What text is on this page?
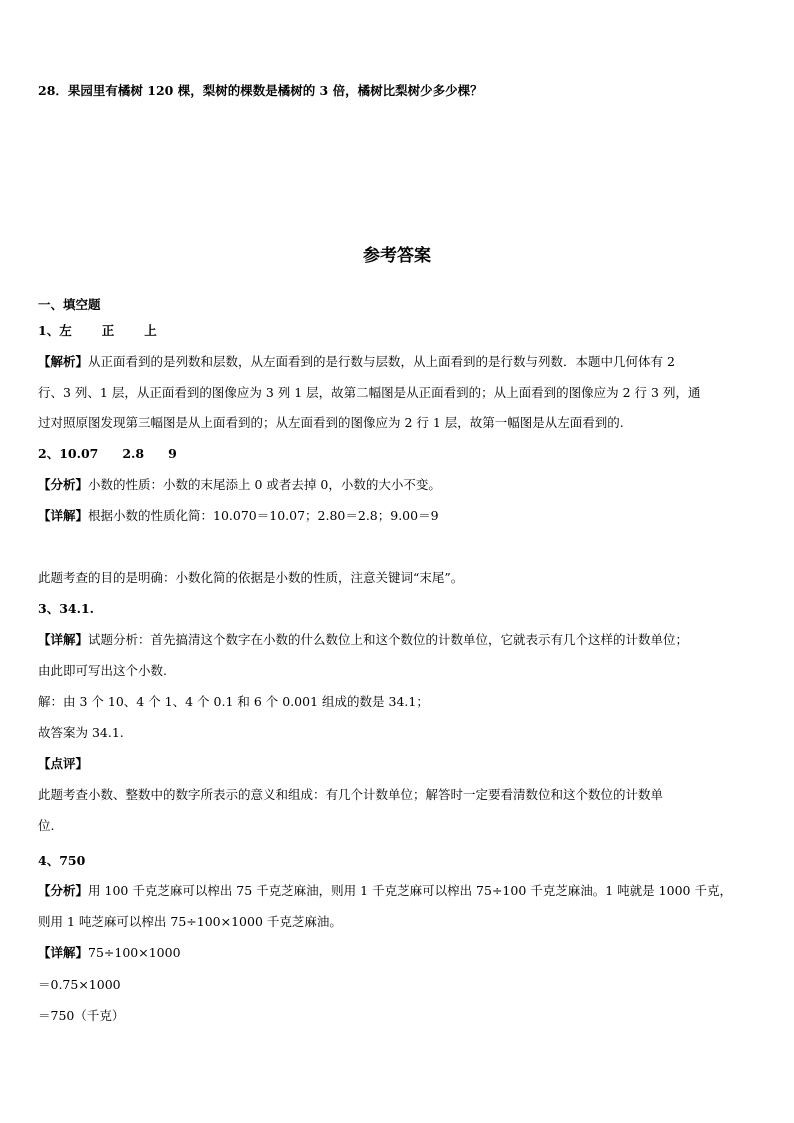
28．果园里有橘树 120 棵，梨树的棵数是橘树的 3 倍，橘树比梨树少多少棵？
参考答案
一、填空题
1、左 正 上
【解析】从正面看到的是列数和层数，从左面看到的是行数与层数，从上面看到的是行数与列数．本题中几何体有 2
行、3 列、1 层，从正面看到的图像应为 3 列 1 层，故第二幅图是从正面看到的；从上面看到的图像应为 2 行 3 列，通
过对照原图发现第三幅图是从上面看到的；从左面看到的图像应为 2 行 1 层，故第一幅图是从左面看到的.
2、10.07 2.8 9
【分析】小数的性质：小数的末尾添上 0 或者去掉 0，小数的大小不变。
【详解】根据小数的性质化简：10.070＝10.07；2.80＝2.8；9.00＝9
此题考查的目的是明确：小数化简的依据是小数的性质，注意关键词“末尾”。
3、34.1.
【详解】试题分析：首先搞清这个数字在小数的什么数位上和这个数位的计数单位，它就表示有几个这样的计数单位；
由此即可写出这个小数.
解：由 3 个 10、4 个 1、4 个 0.1 和 6 个 0.001 组成的数是 34.1；
故答案为 34.1.
【点评】
此题考查小数、整数中的数字所表示的意义和组成：有几个计数单位；解答时一定要看清数位和这个数位的计数单
位.
4、750
【分析】用 100 千克芝麻可以榨出 75 千克芝麻油，则用 1 千克芝麻可以榨出 75÷100 千克芝麻油。1 吨就是 1000 千克，
则用 1 吨芝麻可以榨出 75÷100×1000 千克芝麻油。
【详解】75÷100×1000
＝0.75×1000
＝750（千克）
